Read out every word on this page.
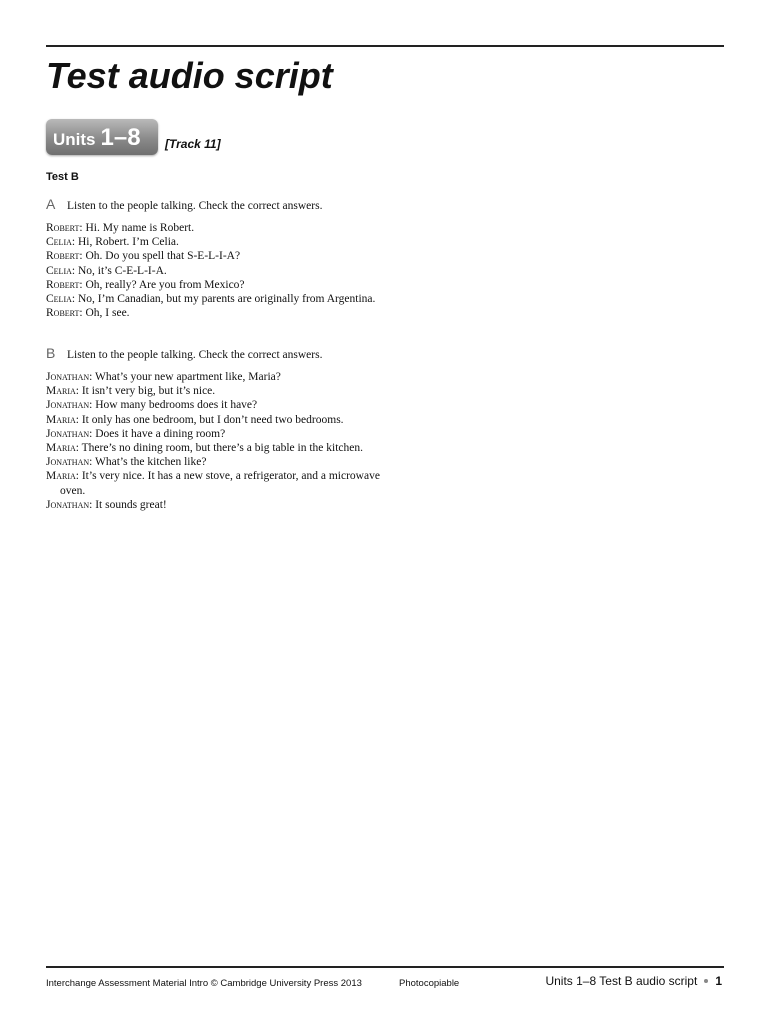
Test audio script
Units 1–8 [Track 11]
Test B
A	Listen to the people talking. Check the correct answers.
Robert: Hi. My name is Robert.
Celia: Hi, Robert. I’m Celia.
Robert: Oh. Do you spell that S-E-L-I-A?
Celia: No, it’s C-E-L-I-A.
Robert: Oh, really? Are you from Mexico?
Celia: No, I’m Canadian, but my parents are originally from Argentina.
Robert: Oh, I see.
B	Listen to the people talking. Check the correct answers.
Jonathan: What’s your new apartment like, Maria?
Maria: It isn’t very big, but it’s nice.
Jonathan: How many bedrooms does it have?
Maria: It only has one bedroom, but I don’t need two bedrooms.
Jonathan: Does it have a dining room?
Maria: There’s no dining room, but there’s a big table in the kitchen.
Jonathan: What’s the kitchen like?
Maria: It’s very nice. It has a new stove, a refrigerator, and a microwave oven.
Jonathan: It sounds great!
Interchange Assessment Material Intro © Cambridge University Press 2013	Photocopiable	Units 1–8 Test B audio script 1
